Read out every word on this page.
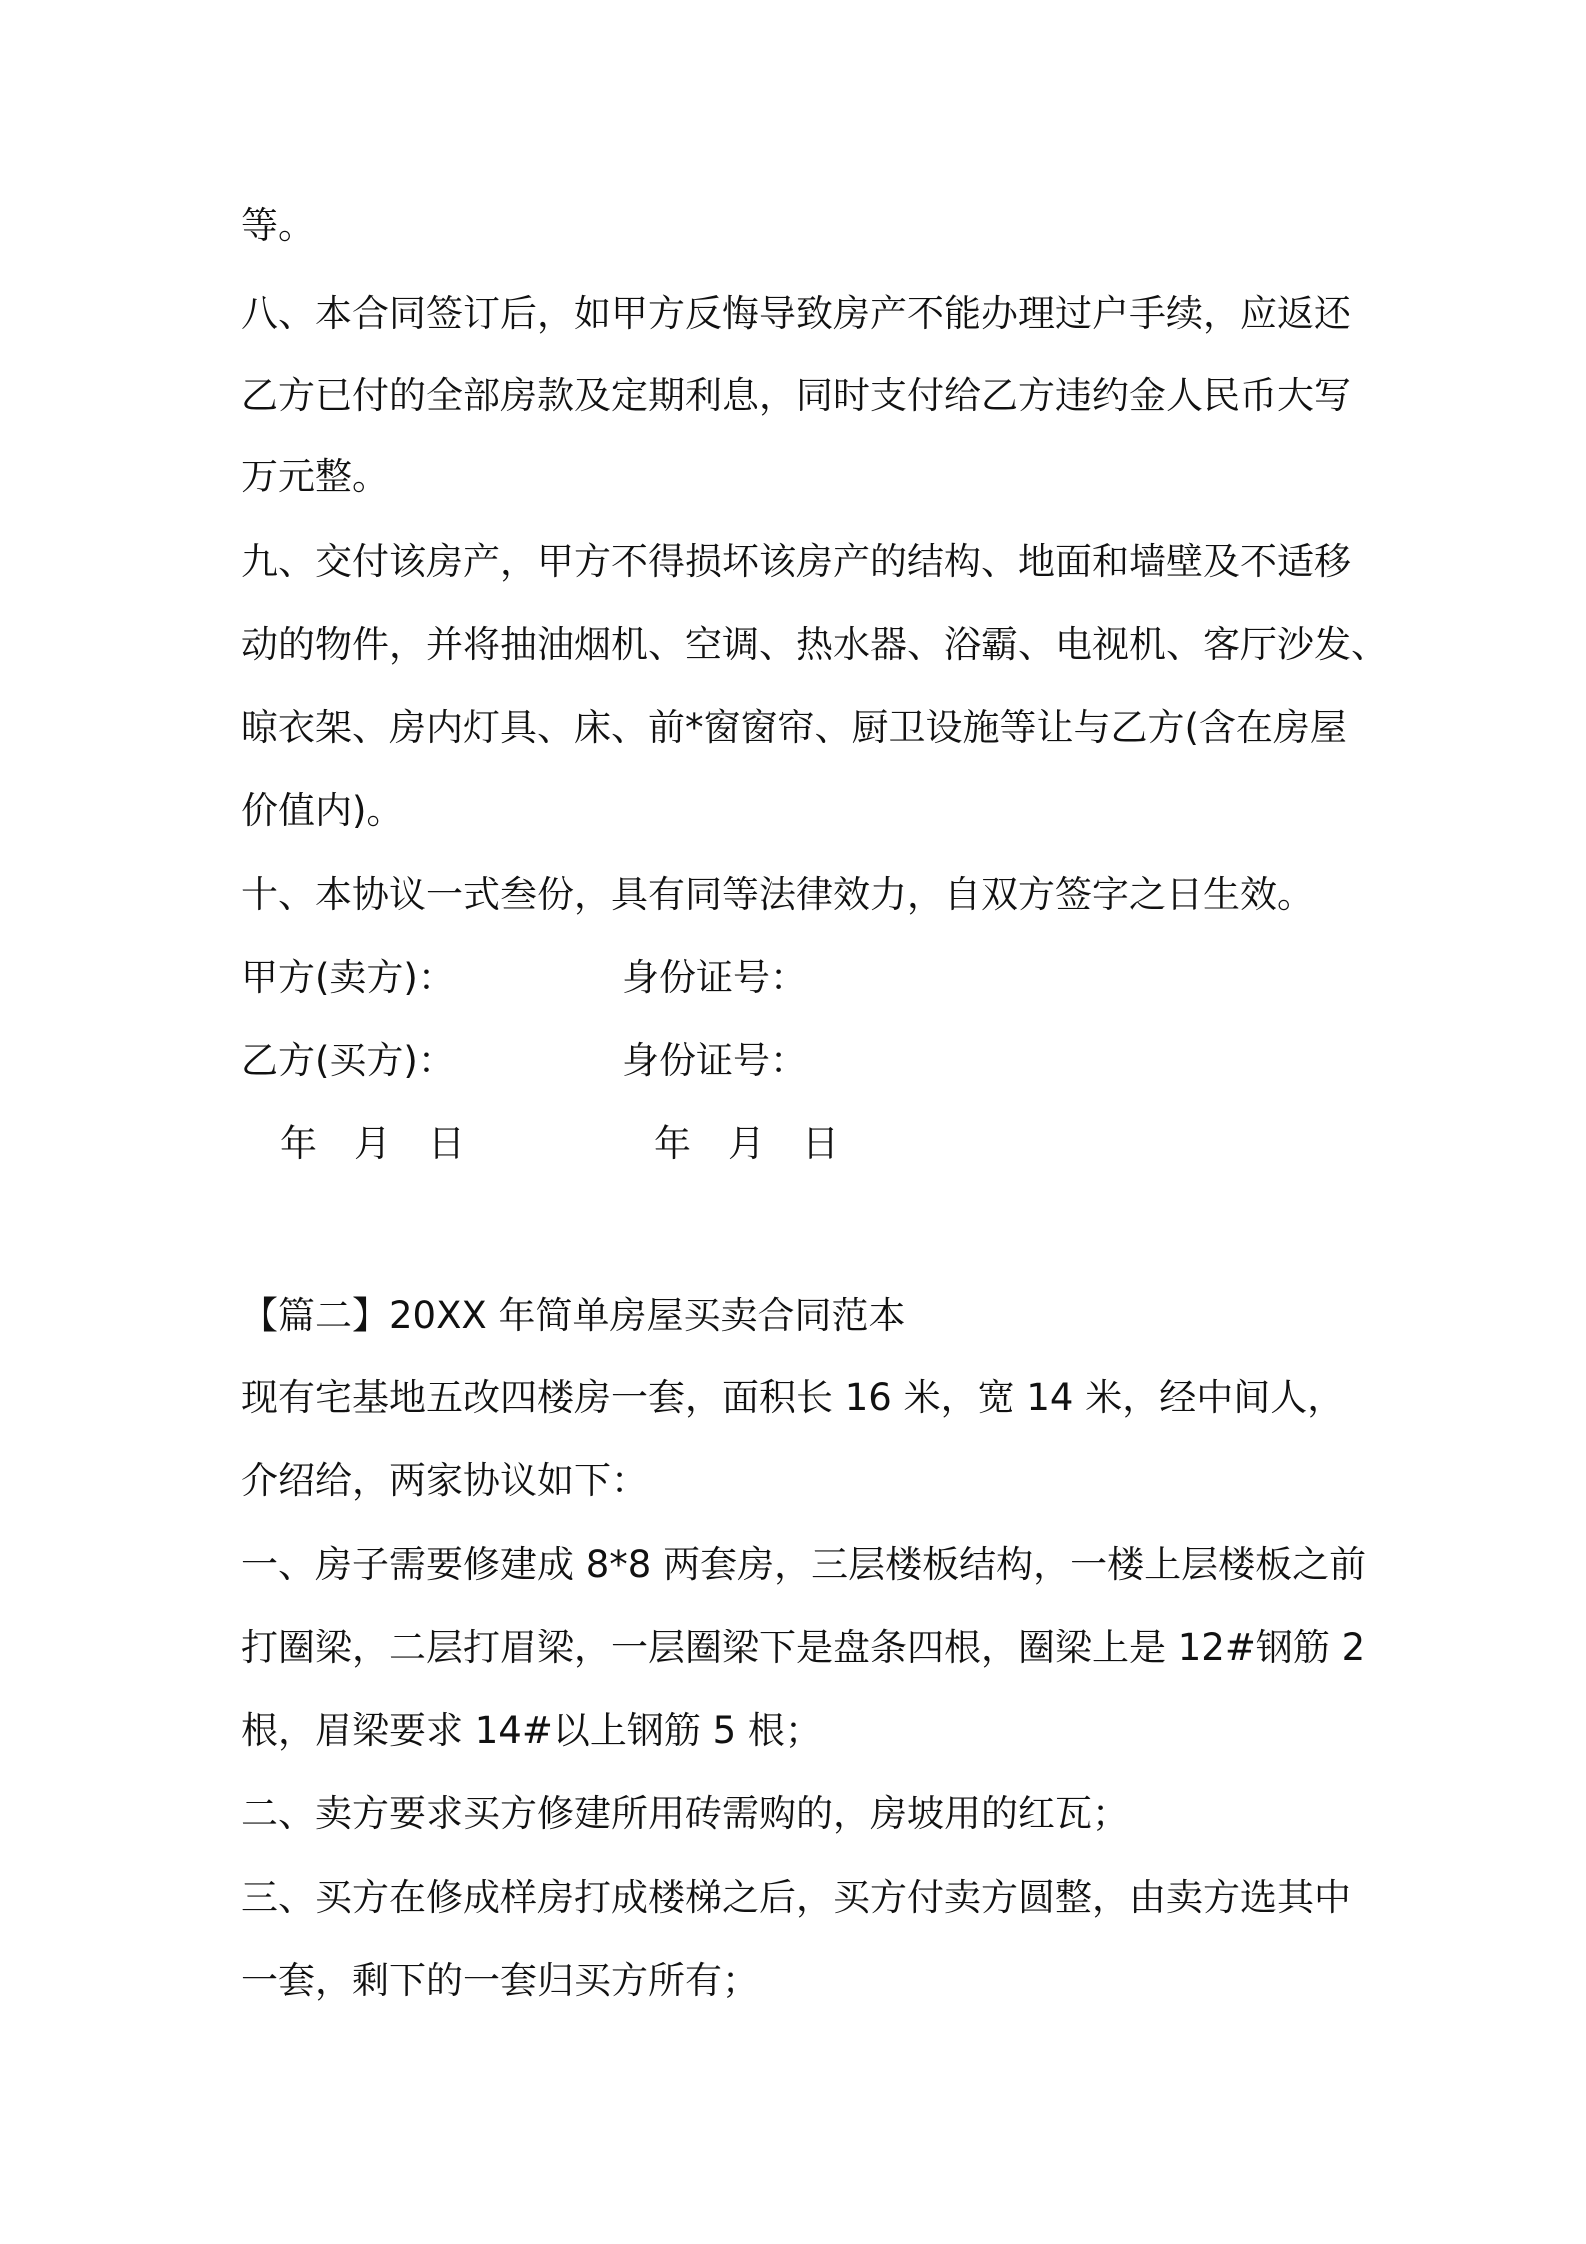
等。
八、本合同签订后，如甲方反悔导致房产不能办理过户手续，应返还
乙方已付的全部房款及定期利息，同时支付给乙方违约金人民币大写
万元整。
九、交付该房产，甲方不得损坏该房产的结构、地面和墙壁及不适移
动的物件，并将抽油烟机、空调、热水器、浴霸、电视机、客厅沙发、
晾衣架、房内灯具、床、前*窗窗帘、厨卫设施等让与乙方(含在房屋
价值内)。
十、本协议一式叁份，具有同等法律效力，自双方签字之日生效。
甲方(卖方)：	身份证号：
乙方(买方)：	身份证号：
年　月　日	年　月　日
【篇二】20XX 年简单房屋买卖合同范本
现有宅基地五改四楼房一套，面积长 16 米，宽 14 米，经中间人，
介绍给，两家协议如下：
一、房子需要修建成 8*8 两套房，三层楼板结构，一楼上层楼板之前
打圈梁，二层打眉梁，一层圈梁下是盘条四根，圈梁上是 12#钢筋 2
根，眉梁要求 14#以上钢筋 5 根；
二、卖方要求买方修建所用砖需购的，房坡用的红瓦；
三、买方在修成样房打成楼梯之后，买方付卖方圆整，由卖方选其中
一套，剩下的一套归买方所有；
